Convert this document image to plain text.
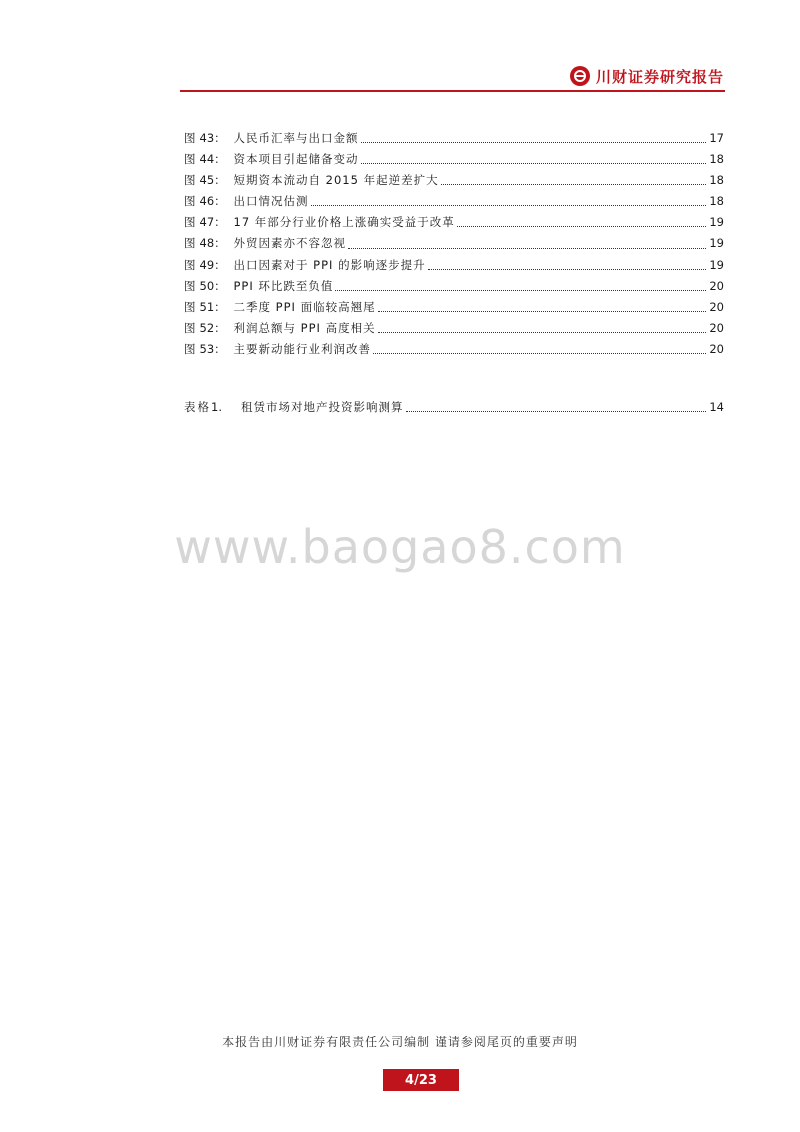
川财证券研究报告
图 43： 人民币汇率与出口金额	17
图 44： 资本项目引起储备变动	18
图 45： 短期资本流动自 2015 年起逆差扩大	18
图 46： 出口情况估测	18
图 47： 17 年部分行业价格上涨确实受益于改革	19
图 48： 外贸因素亦不容忽视	19
图 49： 出口因素对于 PPI 的影响逐步提升	19
图 50： PPI 环比跌至负值	20
图 51： 二季度 PPI 面临较高翘尾	20
图 52： 利润总额与 PPI 高度相关	20
图 53： 主要新动能行业利润改善	20
表格 1.	租赁市场对地产投资影响测算	14
www.baogao8.com
本报告由川财证券有限责任公司编制 谨请参阅尾页的重要声明
4/23
